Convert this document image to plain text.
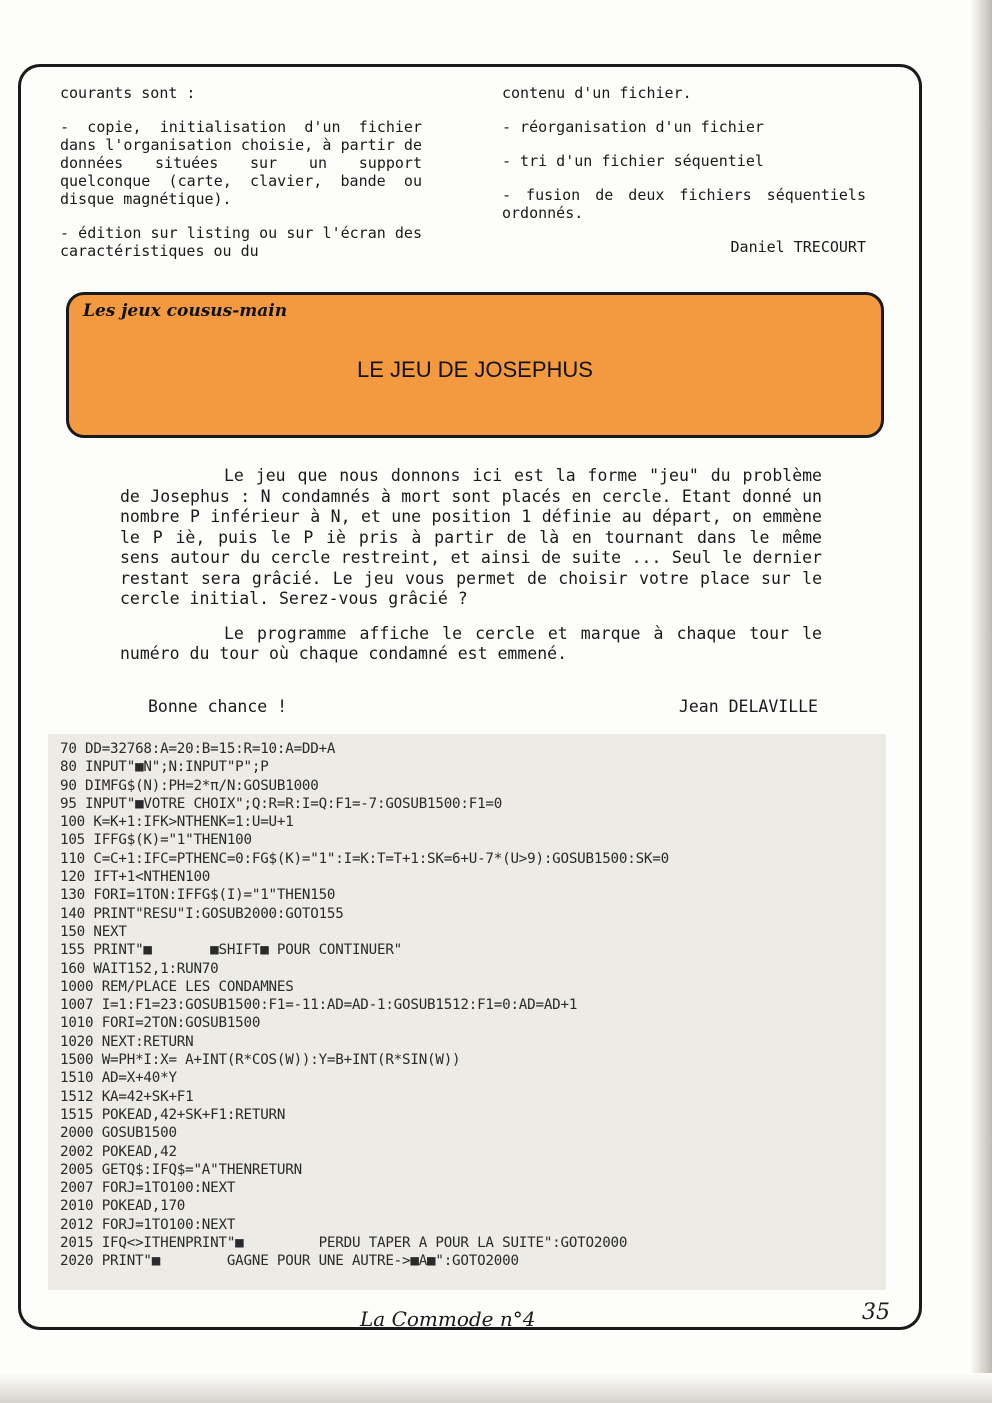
courants sont :

- copie, initialisation d'un fichier dans l'organisation choisie, à partir de données situées sur un support quelconque (carte, clavier, bande ou disque magnétique).

- édition sur listing ou sur l'écran des caractéristiques ou du

contenu d'un fichier.

- réorganisation d'un fichier

- tri d'un fichier séquentiel

- fusion de deux fichiers séquentiels ordonnés.

Daniel TRECOURT

Les jeux cousus-main
LE JEU DE JOSEPHUS

Le jeu que nous donnons ici est la forme "jeu" du problème de Josephus : N condamnés à mort sont placés en cercle. Etant donné un nombre P inférieur à N, et une position 1 définie au départ, on emmène le P iè, puis le P iè pris à partir de là en tournant dans le même sens autour du cercle restreint, et ainsi de suite ... Seul le dernier restant sera grâcié. Le jeu vous permet de choisir votre place sur le cercle initial. Serez-vous grâcié ?

Le programme affiche le cercle et marque à chaque tour le numéro du tour où chaque condamné est emmené.

Bonne chance !	Jean DELAVILLE
70 DD=32768:A=20:B=15:R=10:A=DD+A
80 INPUT"■N";N:INPUT"P";P
90 DIMFG$(N):PH=2*π/N:GOSUB1000
95 INPUT"■VOTRE CHOIX";Q:R=R:I=Q:F1=-7:GOSUB1500:F1=0
100 K=K+1:IFK>NTHENK=1:U=U+1
105 IFFG$(K)="1"THEN100
110 C=C+1:IFC=PTHENC=0:FG$(K)="1":I=K:T=T+1:SK=6+U-7*(U>9):GOSUB1500:SK=0
120 IFT+1<NTHEN100
130 FORI=1TON:IFFG$(I)="1"THEN150
140 PRINT"RESU"I:GOSUB2000:GOTO155
150 NEXT
155 PRINT"■       ■SHIFT■ POUR CONTINUER"
160 WAIT152,1:RUN70
1000 REM/PLACE LES CONDAMNES
1007 I=1:F1=23:GOSUB1500:F1=-11:AD=AD-1:GOSUB1512:F1=0:AD=AD+1
1010 FORI=2TON:GOSUB1500
1020 NEXT:RETURN
1500 W=PH*I:X= A+INT(R*COS(W)):Y=B+INT(R*SIN(W))
1510 AD=X+40*Y
1512 KA=42+SK+F1
1515 POKEAD,42+SK+F1:RETURN
2000 GOSUB1500
2002 POKEAD,42
2005 GETQ$:IFQ$="A"THENRETURN
2007 FORJ=1TO100:NEXT
2010 POKEAD,170
2012 FORJ=1TO100:NEXT
2015 IFQ<>ITHENPRINT"■         PERDU TAPER A POUR LA SUITE":GOTO2000
2020 PRINT"■        GAGNE POUR UNE AUTRE->■A■":GOTO2000
La Commode n°4	35
